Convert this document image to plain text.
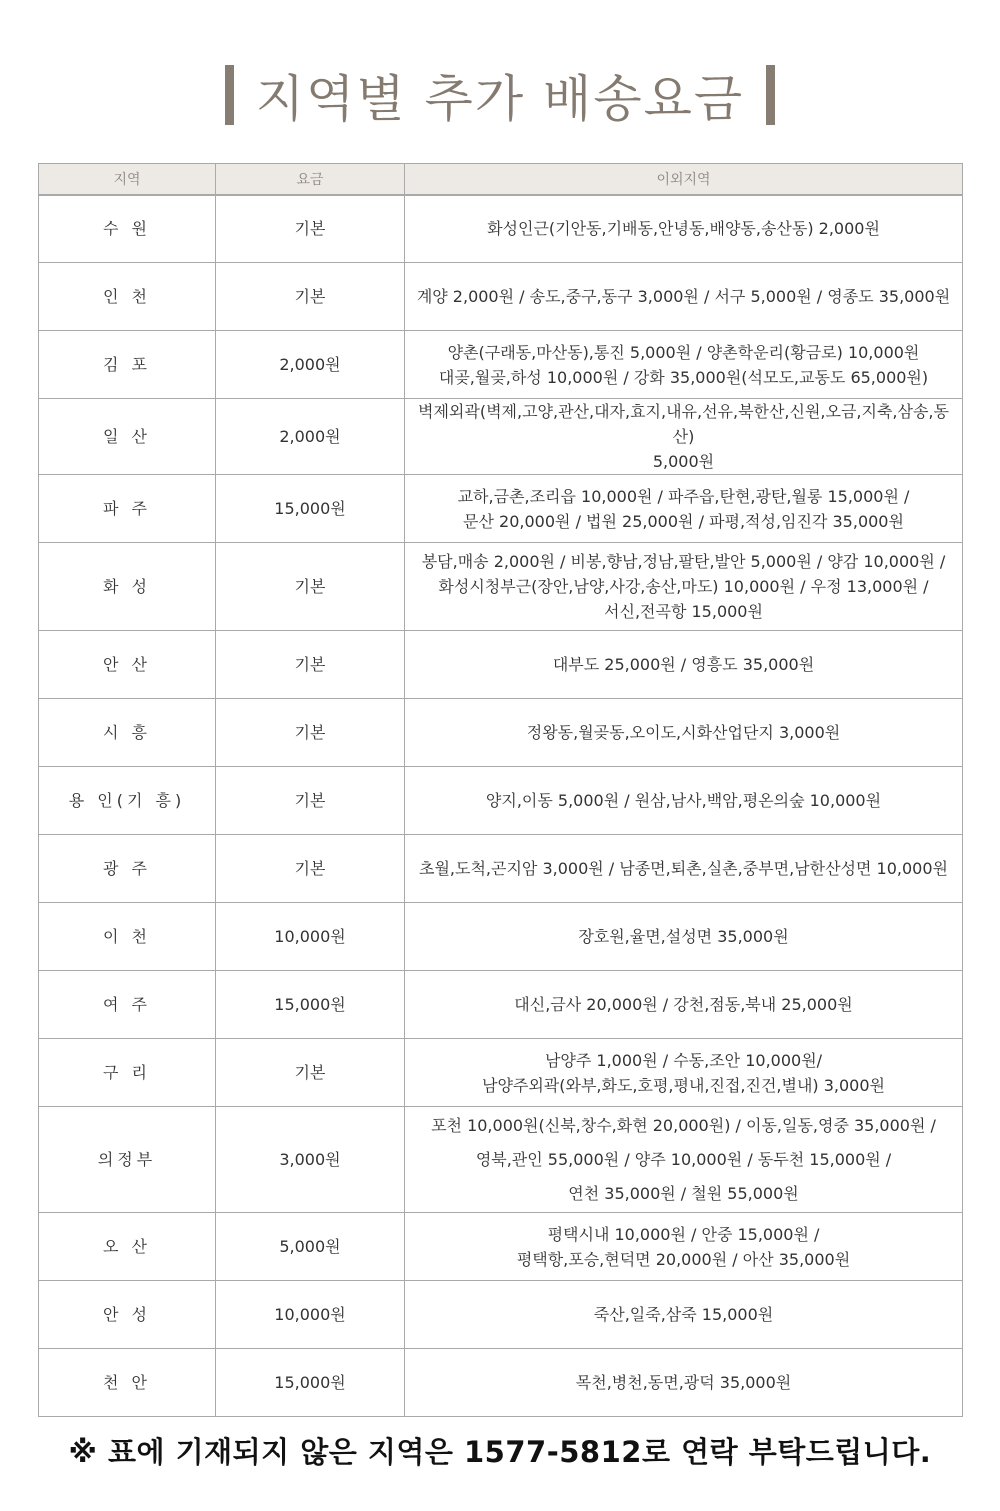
지역별 추가 배송요금
지역	요금	이외지역
수 원	기본	화성인근(기안동,기배동,안녕동,배양동,송산동) 2,000원

인 천	기본	계양 2,000원 / 송도,중구,동구 3,000원 / 서구 5,000원 / 영종도 35,000원

김 포	2,000원	양촌(구래동,마산동),통진 5,000원 / 양촌학운리(황금로) 10,000원
대곶,월곶,하성 10,000원 / 강화 35,000원(석모도,교동도 65,000원)

일 산	2,000원	벽제외곽(벽제,고양,관산,대자,효지,내유,선유,북한산,신원,오금,지축,삼송,동산)
5,000원

파 주	15,000원	교하,금촌,조리읍 10,000원 / 파주읍,탄현,광탄,월롱 15,000원 /
문산 20,000원 / 법원 25,000원 / 파평,적성,임진각 35,000원

화 성	기본	봉담,매송 2,000원 / 비봉,향남,정남,팔탄,발안 5,000원 / 양감 10,000원 /
화성시청부근(장안,남양,사강,송산,마도) 10,000원 / 우정 13,000원 /
서신,전곡항 15,000원

안 산	기본	대부도 25,000원 / 영흥도 35,000원

시 흥	기본	정왕동,월곶동,오이도,시화산업단지 3,000원

용 인(기 흥)	기본	양지,이동 5,000원 / 원삼,남사,백암,평온의숲 10,000원

광 주	기본	초월,도척,곤지암 3,000원 / 남종면,퇴촌,실촌,중부면,남한산성면 10,000원

이 천	10,000원	장호원,율면,설성면 35,000원

여 주	15,000원	대신,금사 20,000원 / 강천,점동,북내 25,000원

구 리	기본	남양주 1,000원 / 수동,조안 10,000원/
남양주외곽(와부,화도,호평,평내,진접,진건,별내) 3,000원

의정부	3,000원	포천 10,000원(신북,창수,화현 20,000원) / 이동,일동,영중 35,000원 /
영북,관인 55,000원 / 양주 10,000원 / 동두천 15,000원 /
연천 35,000원 / 철원 55,000원

오 산	5,000원	평택시내 10,000원 / 안중 15,000원 /
평택항,포승,현덕면 20,000원 / 아산 35,000원

안 성	10,000원	죽산,일죽,삼죽 15,000원

천 안	15,000원	목천,병천,동면,광덕 35,000원
※ 표에 기재되지 않은 지역은 1577-5812로 연락 부탁드립니다.
